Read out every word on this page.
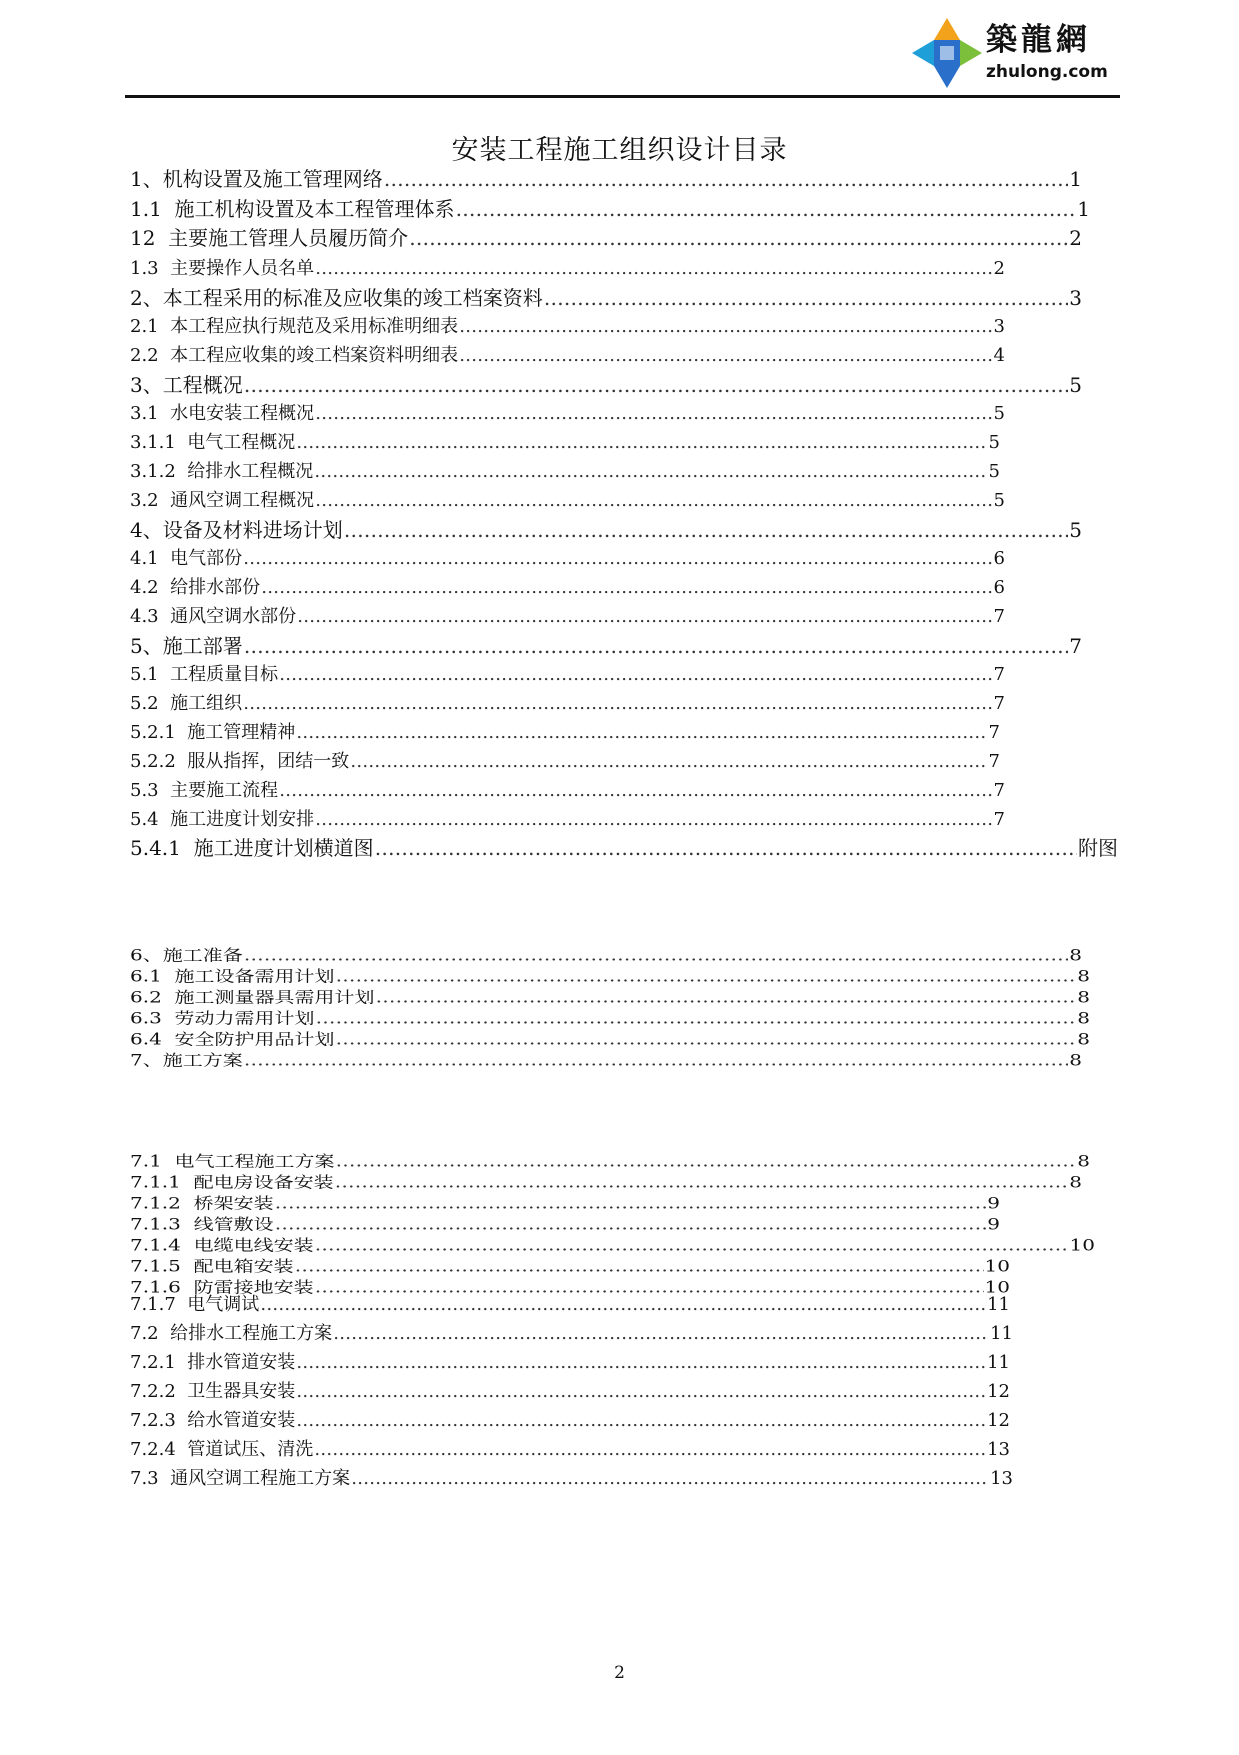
築龍網
zhulong.com
安装工程施工组织设计目录
1、 机构设置及施工管理网络 ……………………………………………………………………………………………………………………………………………………………………………………………………………………………………………………………………………………	1
1.1 施工机构设置及本工程管理体系 ……………………………………………………………………………………………………………………………………………………………………………………………………………………………………………………………………………………	1
12 主要施工管理人员履历简介 ……………………………………………………………………………………………………………………………………………………………………………………………………………………………………………………………………………………	2
1.3 主要操作人员名单 ……………………………………………………………………………………………………………………………………………………………………………………………………………………………………………………………………………………	2
2、 本工程采用的标准及应收集的竣工档案资料 ……………………………………………………………………………………………………………………………………………………………………………………………………………………………………………………………………………………	3
2.1 本工程应执行规范及采用标准明细表 ……………………………………………………………………………………………………………………………………………………………………………………………………………………………………………………………………………………	3
2.2 本工程应收集的竣工档案资料明细表 ……………………………………………………………………………………………………………………………………………………………………………………………………………………………………………………………………………………	4
3、 工程概况 ……………………………………………………………………………………………………………………………………………………………………………………………………………………………………………………………………………………	5
3.1 水电安装工程概况 ……………………………………………………………………………………………………………………………………………………………………………………………………………………………………………………………………………………	5
3.1.1 电气工程概况 ……………………………………………………………………………………………………………………………………………………………………………………………………………………………………………………………………………………	5
3.1.2 给排水工程概况 ……………………………………………………………………………………………………………………………………………………………………………………………………………………………………………………………………………………	5
3.2 通风空调工程概况 ……………………………………………………………………………………………………………………………………………………………………………………………………………………………………………………………………………………	5
4、 设备及材料进场计划 ……………………………………………………………………………………………………………………………………………………………………………………………………………………………………………………………………………………	5
4.1 电气部份 ……………………………………………………………………………………………………………………………………………………………………………………………………………………………………………………………………………………	6
4.2 给排水部份 ……………………………………………………………………………………………………………………………………………………………………………………………………………………………………………………………………………………	6
4.3 通风空调水部份 ……………………………………………………………………………………………………………………………………………………………………………………………………………………………………………………………………………………	7
5、 施工部署 ……………………………………………………………………………………………………………………………………………………………………………………………………………………………………………………………………………………	7
5.1 工程质量目标 ……………………………………………………………………………………………………………………………………………………………………………………………………………………………………………………………………………………	7
5.2 施工组织 ……………………………………………………………………………………………………………………………………………………………………………………………………………………………………………………………………………………	7
5.2.1 施工管理精神 ……………………………………………………………………………………………………………………………………………………………………………………………………………………………………………………………………………………	7
5.2.2 服从指挥，团结一致 ……………………………………………………………………………………………………………………………………………………………………………………………………………………………………………………………………………………	7
5.3 主要施工流程 ……………………………………………………………………………………………………………………………………………………………………………………………………………………………………………………………………………………	7
5.4 施工进度计划安排 ……………………………………………………………………………………………………………………………………………………………………………………………………………………………………………………………………………………	7
5.4.1 施工进度计划横道图 ……………………………………………………………………………………………………………………………………………………………………………………………………………………………………………………………………………………	附图
6、 施工准备 ……………………………………………………………………………………………………………………………………………………………………………………………………………………………………………………………………………………	8
6.1 施工设备需用计划 ……………………………………………………………………………………………………………………………………………………………………………………………………………………………………………………………………………………	8
6.2 施工测量器具需用计划 ……………………………………………………………………………………………………………………………………………………………………………………………………………………………………………………………………………………	8
6.3 劳动力需用计划 ……………………………………………………………………………………………………………………………………………………………………………………………………………………………………………………………………………………	8
6.4 安全防护用品计划 ……………………………………………………………………………………………………………………………………………………………………………………………………………………………………………………………………………………	8
7、 施工方案 ……………………………………………………………………………………………………………………………………………………………………………………………………………………………………………………………………………………	8
7.1 电气工程施工方案 ……………………………………………………………………………………………………………………………………………………………………………………………………………………………………………………………………………………	8
7.1.1 配电房设备安装 ……………………………………………………………………………………………………………………………………………………………………………………………………………………………………………………………………………………	8
7.1.2 桥架安装 ……………………………………………………………………………………………………………………………………………………………………………………………………………………………………………………………………………………	9
7.1.3 线管敷设 ……………………………………………………………………………………………………………………………………………………………………………………………………………………………………………………………………………………	9
7.1.4 电缆电线安装 ……………………………………………………………………………………………………………………………………………………………………………………………………………………………………………………………………………………	10
7.1.5 配电箱安装 ……………………………………………………………………………………………………………………………………………………………………………………………………………………………………………………………………………………	10
7.1.6 防雷接地安装 ……………………………………………………………………………………………………………………………………………………………………………………………………………………………………………………………………………………	10
7.1.7 电气调试 ……………………………………………………………………………………………………………………………………………………………………………………………………………………………………………………………………………………	11
7.2 给排水工程施工方案 ……………………………………………………………………………………………………………………………………………………………………………………………………………………………………………………………………………………	11
7.2.1 排水管道安装 ……………………………………………………………………………………………………………………………………………………………………………………………………………………………………………………………………………………	11
7.2.2 卫生器具安装 ……………………………………………………………………………………………………………………………………………………………………………………………………………………………………………………………………………………	12
7.2.3 给水管道安装 ……………………………………………………………………………………………………………………………………………………………………………………………………………………………………………………………………………………	12
7.2.4 管道试压、清洗 ……………………………………………………………………………………………………………………………………………………………………………………………………………………………………………………………………………………	13
7.3 通风空调工程施工方案 ……………………………………………………………………………………………………………………………………………………………………………………………………………………………………………………………………………………	13
2
